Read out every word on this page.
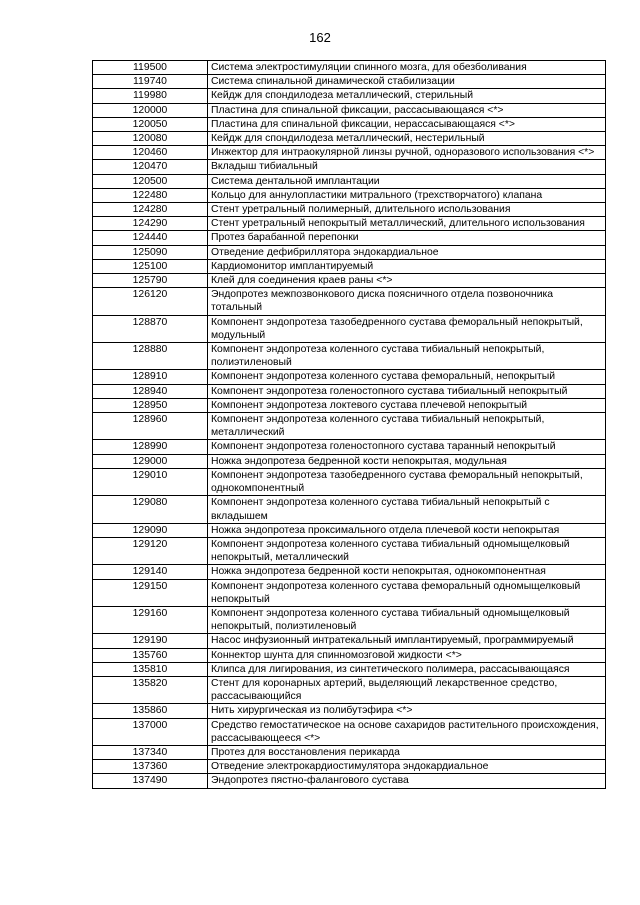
162
119500	Система электростимуляции спинного мозга, для обезболивания
119740	Система спинальной динамической стабилизации
119980	Кейдж для спондилодеза металлический, стерильный
120000	Пластина для спинальной фиксации, рассасывающаяся <*>
120050	Пластина для спинальной фиксации, нерассасывающаяся <*>
120080	Кейдж для спондилодеза металлический, нестерильный
120460	Инжектор для интраокулярной линзы ручной, одноразового использования <*>
120470	Вкладыш тибиальный
120500	Система дентальной имплантации
122480	Кольцо для аннулопластики митрального (трехстворчатого) клапана
124280	Стент уретральный полимерный, длительного использования
124290	Стент уретральный непокрытый металлический, длительного использования
124440	Протез барабанной перепонки
125090	Отведение дефибриллятора эндокардиальное
125100	Кардиомонитор имплантируемый
125790	Клей для соединения краев раны <*>
126120	Эндопротез межпозвонкового диска поясничного отдела позвоночника тотальный
128870	Компонент эндопротеза тазобедренного сустава феморальный непокрытый, модульный
128880	Компонент эндопротеза коленного сустава тибиальный непокрытый, полиэтиленовый
128910	Компонент эндопротеза коленного сустава феморальный, непокрытый
128940	Компонент эндопротеза голеностопного сустава тибиальный непокрытый
128950	Компонент эндопротеза локтевого сустава плечевой непокрытый
128960	Компонент эндопротеза коленного сустава тибиальный непокрытый, металлический
128990	Компонент эндопротеза голеностопного сустава таранный непокрытый
129000	Ножка эндопротеза бедренной кости непокрытая, модульная
129010	Компонент эндопротеза тазобедренного сустава феморальный непокрытый, однокомпонентный
129080	Компонент эндопротеза коленного сустава тибиальный непокрытый с вкладышем
129090	Ножка эндопротеза проксимального отдела плечевой кости непокрытая
129120	Компонент эндопротеза коленного сустава тибиальный одномыщелковый непокрытый, металлический
129140	Ножка эндопротеза бедренной кости непокрытая, однокомпонентная
129150	Компонент эндопротеза коленного сустава феморальный одномыщелковый непокрытый
129160	Компонент эндопротеза коленного сустава тибиальный одномыщелковый непокрытый, полиэтиленовый
129190	Насос инфузионный интратекальный имплантируемый, программируемый
135760	Коннектор шунта для спинномозговой жидкости <*>
135810	Клипса для лигирования, из синтетического полимера, рассасывающаяся
135820	Стент для коронарных артерий, выделяющий лекарственное средство, рассасывающийся
135860	Нить хирургическая из полибутэфира <*>
137000	Средство гемостатическое на основе сахаридов растительного происхождения, рассасывающееся <*>
137340	Протез для восстановления перикарда
137360	Отведение электрокардиостимулятора эндокардиальное
137490	Эндопротез пястно-фалангового сустава
